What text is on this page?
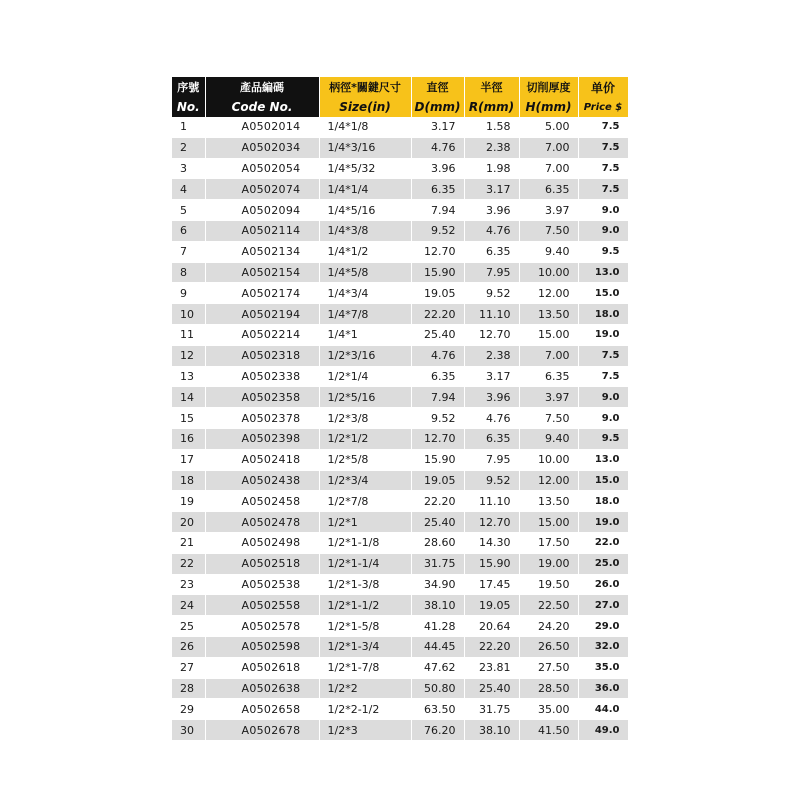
序號	產品編碼	柄徑*關鍵尺寸	直徑	半徑	切削厚度	单价
No.	Code No.	Size(in)	D(mm)	R(mm)	H(mm)	Price $
1	A0502014	1/4*1/8	3.17	1.58	5.00	7.5
2	A0502034	1/4*3/16	4.76	2.38	7.00	7.5
3	A0502054	1/4*5/32	3.96	1.98	7.00	7.5
4	A0502074	1/4*1/4	6.35	3.17	6.35	7.5
5	A0502094	1/4*5/16	7.94	3.96	3.97	9.0
6	A0502114	1/4*3/8	9.52	4.76	7.50	9.0
7	A0502134	1/4*1/2	12.70	6.35	9.40	9.5
8	A0502154	1/4*5/8	15.90	7.95	10.00	13.0
9	A0502174	1/4*3/4	19.05	9.52	12.00	15.0
10	A0502194	1/4*7/8	22.20	11.10	13.50	18.0
11	A0502214	1/4*1	25.40	12.70	15.00	19.0
12	A0502318	1/2*3/16	4.76	2.38	7.00	7.5
13	A0502338	1/2*1/4	6.35	3.17	6.35	7.5
14	A0502358	1/2*5/16	7.94	3.96	3.97	9.0
15	A0502378	1/2*3/8	9.52	4.76	7.50	9.0
16	A0502398	1/2*1/2	12.70	6.35	9.40	9.5
17	A0502418	1/2*5/8	15.90	7.95	10.00	13.0
18	A0502438	1/2*3/4	19.05	9.52	12.00	15.0
19	A0502458	1/2*7/8	22.20	11.10	13.50	18.0
20	A0502478	1/2*1	25.40	12.70	15.00	19.0
21	A0502498	1/2*1-1/8	28.60	14.30	17.50	22.0
22	A0502518	1/2*1-1/4	31.75	15.90	19.00	25.0
23	A0502538	1/2*1-3/8	34.90	17.45	19.50	26.0
24	A0502558	1/2*1-1/2	38.10	19.05	22.50	27.0
25	A0502578	1/2*1-5/8	41.28	20.64	24.20	29.0
26	A0502598	1/2*1-3/4	44.45	22.20	26.50	32.0
27	A0502618	1/2*1-7/8	47.62	23.81	27.50	35.0
28	A0502638	1/2*2	50.80	25.40	28.50	36.0
29	A0502658	1/2*2-1/2	63.50	31.75	35.00	44.0
30	A0502678	1/2*3	76.20	38.10	41.50	49.0
